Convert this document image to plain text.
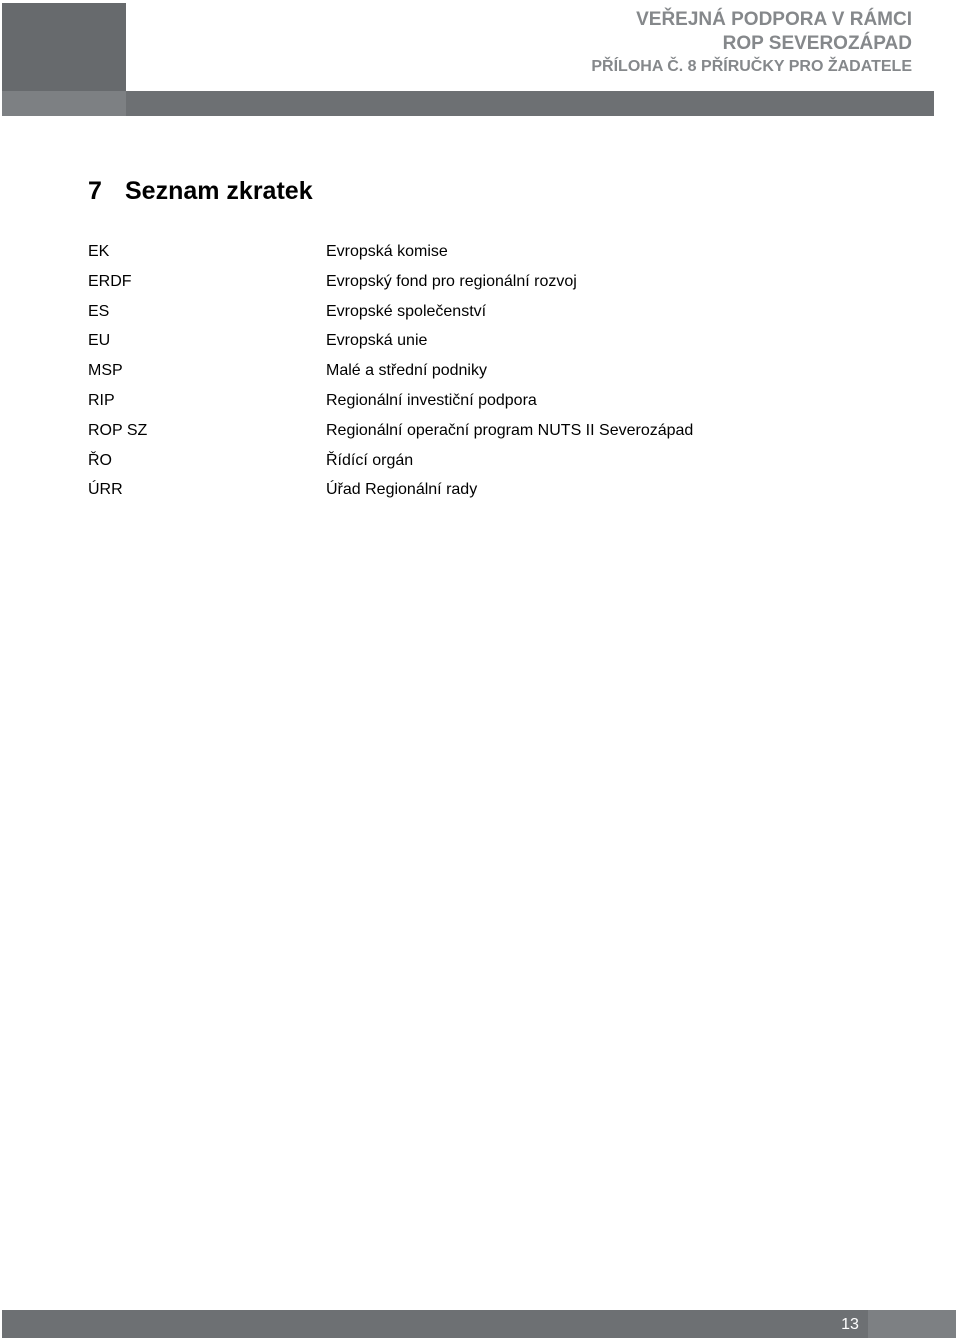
VEŘEJNÁ PODPORA V RÁMCI
ROP SEVEROZÁPAD
PŘÍLOHA Č. 8 PŘÍRUČKY PRO ŽADATELE
7 Seznam zkratek
EK	Evropská komise
ERDF	Evropský fond pro regionální rozvoj
ES	Evropské společenství
EU	Evropská unie
MSP	Malé a střední podniky
RIP	Regionální investiční podpora
ROP SZ	Regionální operační program NUTS II Severozápad
ŘO	Řídící orgán
ÚRR	Úřad Regionální rady
13
